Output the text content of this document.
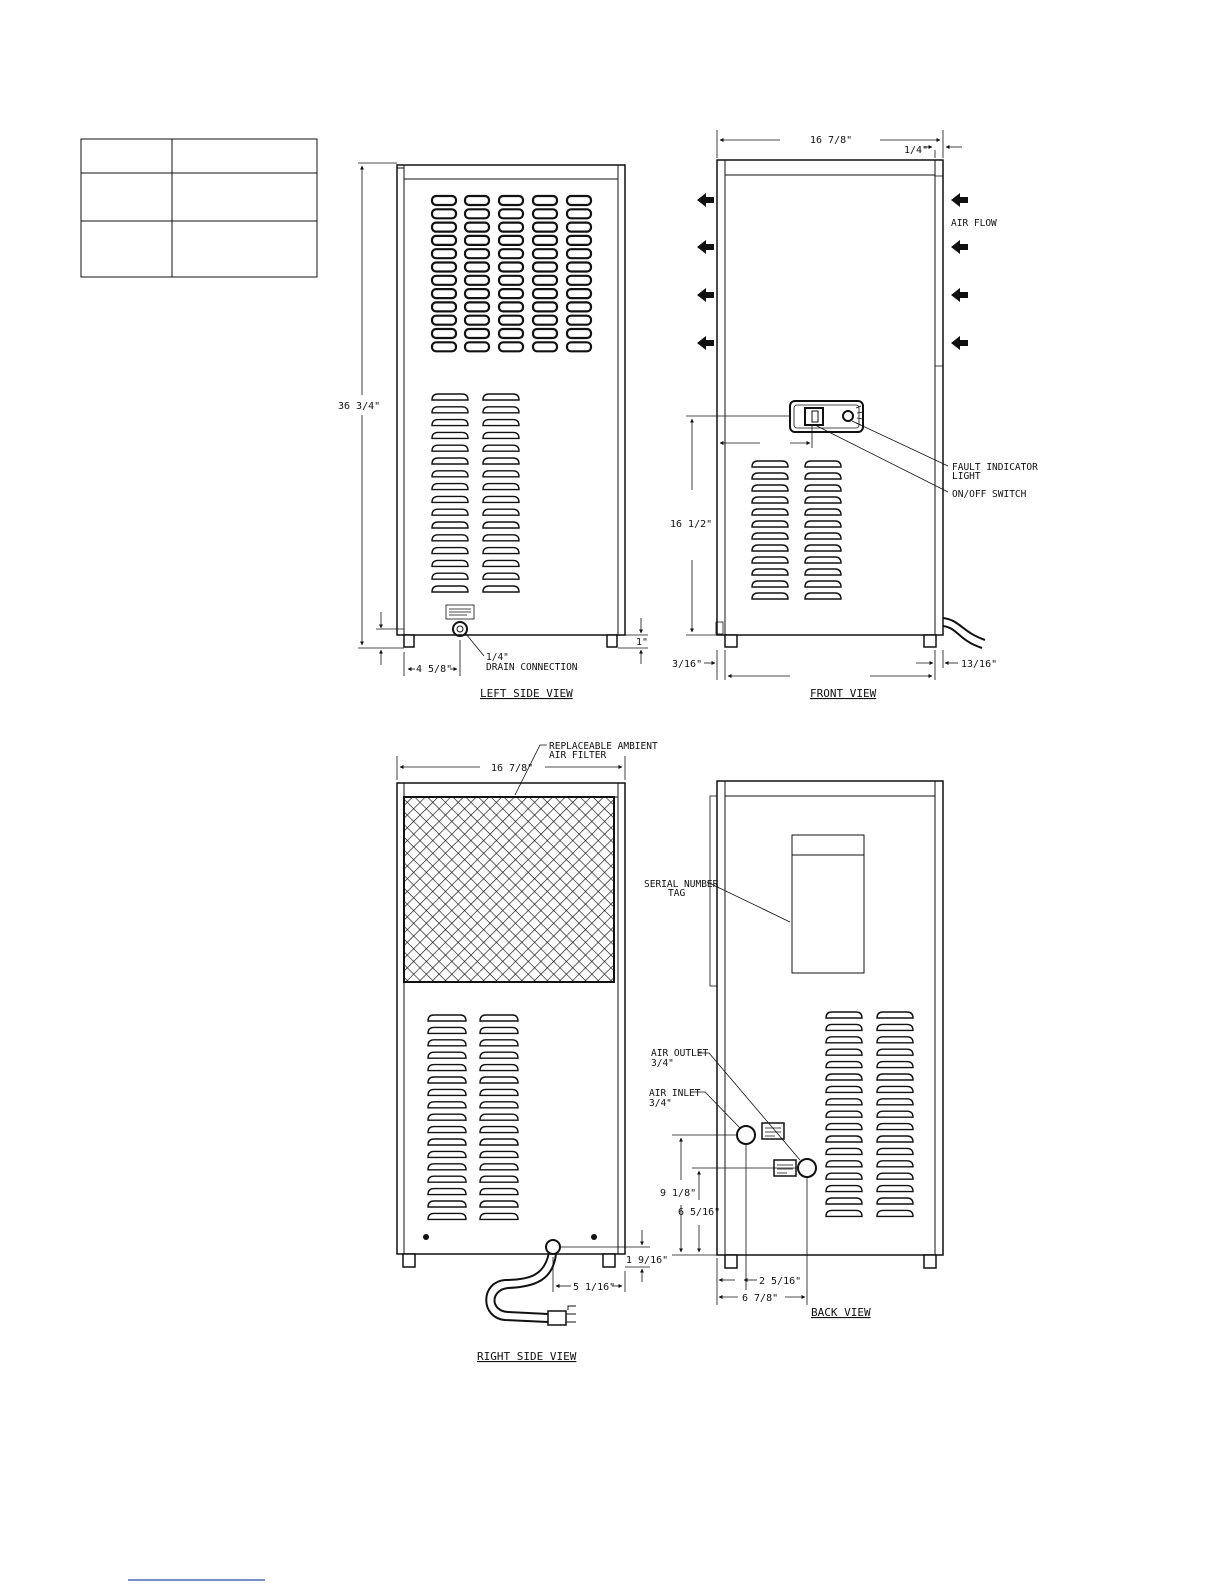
36 3/4"
4 5/8"
1/4"
DRAIN CONNECTION
1"
LEFT SIDE VIEW
AIR FLOW
16 7/8"
1/4"
16 1/2"
3/16"	13/16"
FAULT INDICATOR
LIGHT
ON/OFF SWITCH
FRONT VIEW
16 7/8"
REPLACEABLE AMBIENT
AIR FILTER
1 9/16"
5 1/16"
RIGHT SIDE VIEW
SERIAL NUMBER
TAG
AIR OUTLET
3/4"
AIR INLET
3/4"
9 1/8"
6 5/16"
2 5/16"
6 7/8"
BACK VIEW
